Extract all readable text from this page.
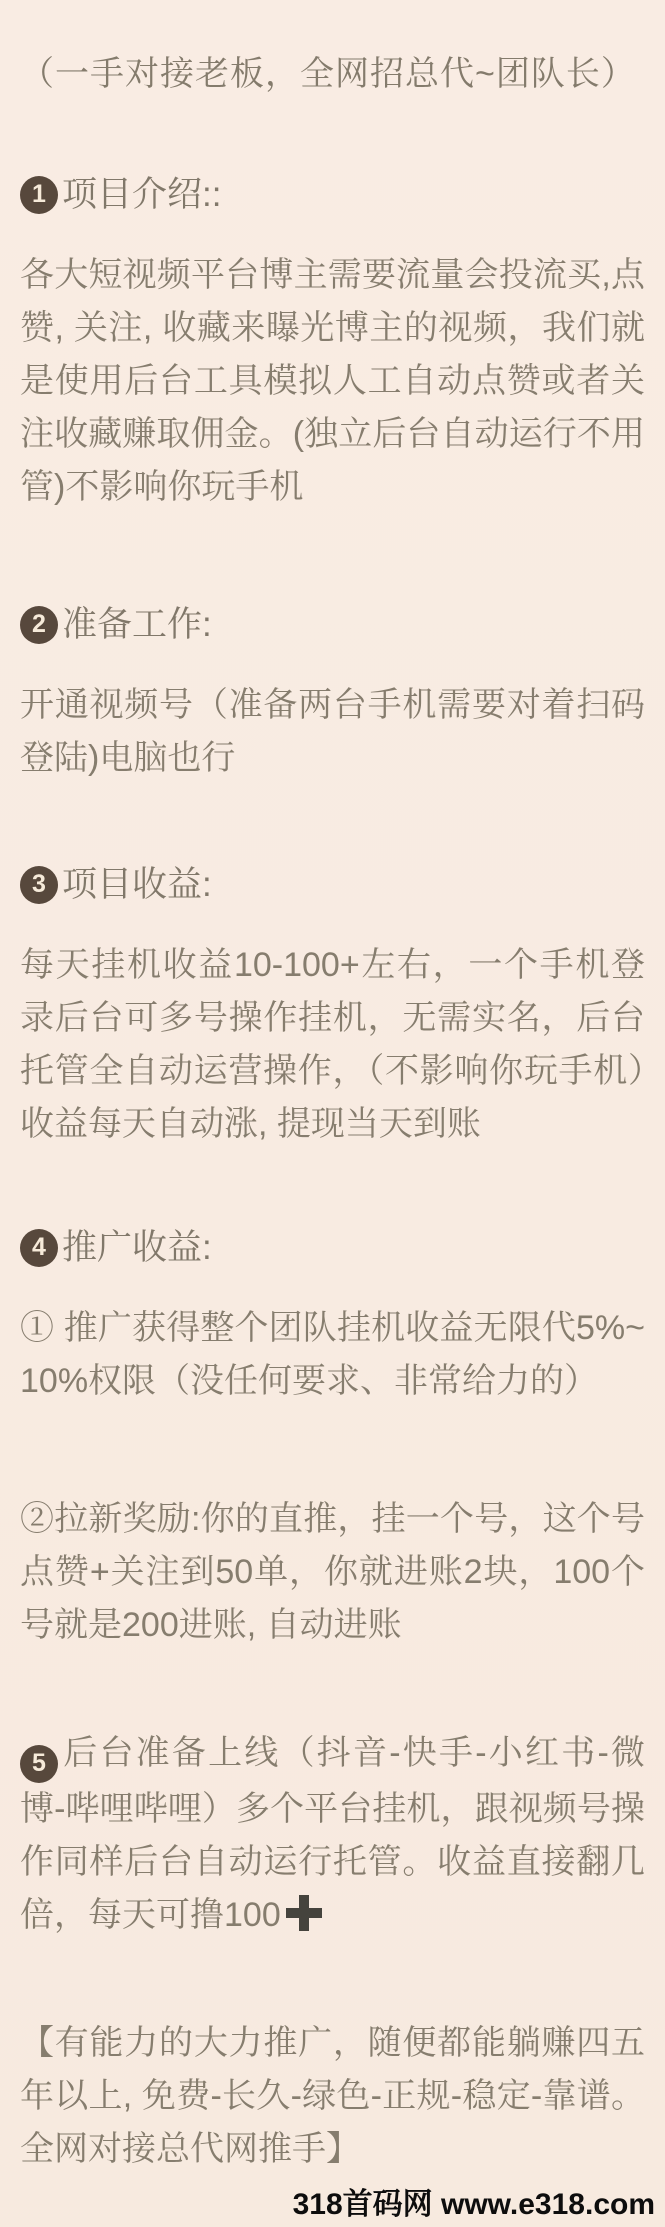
（一手对接老板，全网招总代~团队长）
1 项目介绍::

各大短视频平台博主需要流量会投流买,点赞, 关注, 收藏来曝光博主的视频，我们就是使用后台工具模拟人工自动点赞或者关注收藏赚取佣金。(独立后台自动运行不用管)不影响你玩手机

2 准备工作:

开通视频号（准备两台手机需要对着扫码登陆)电脑也行

3 项目收益:

每天挂机收益10-100+左右，一个手机登录后台可多号操作挂机，无需实名，后台托管全自动运营操作，（不影响你玩手机）收益每天自动涨, 提现当天到账

4 推广收益:

① 推广获得整个团队挂机收益无限代5%~10%权限（没任何要求、非常给力的）

②拉新奖励:你的直推，挂一个号，这个号点赞+关注到50单，你就进账2块，100个号就是200进账, 自动进账

5 后台准备上线（抖音-快手-小红书-微博-哔哩哔哩）多个平台挂机，跟视频号操作同样后台自动运行托管。收益直接翻几倍，每天可撸100

【有能力的大力推广，随便都能躺赚四五年以上, 免费-长久-绿色-正规-稳定-靠谱。全网对接总代网推手】

318首码网 www.e318.com
